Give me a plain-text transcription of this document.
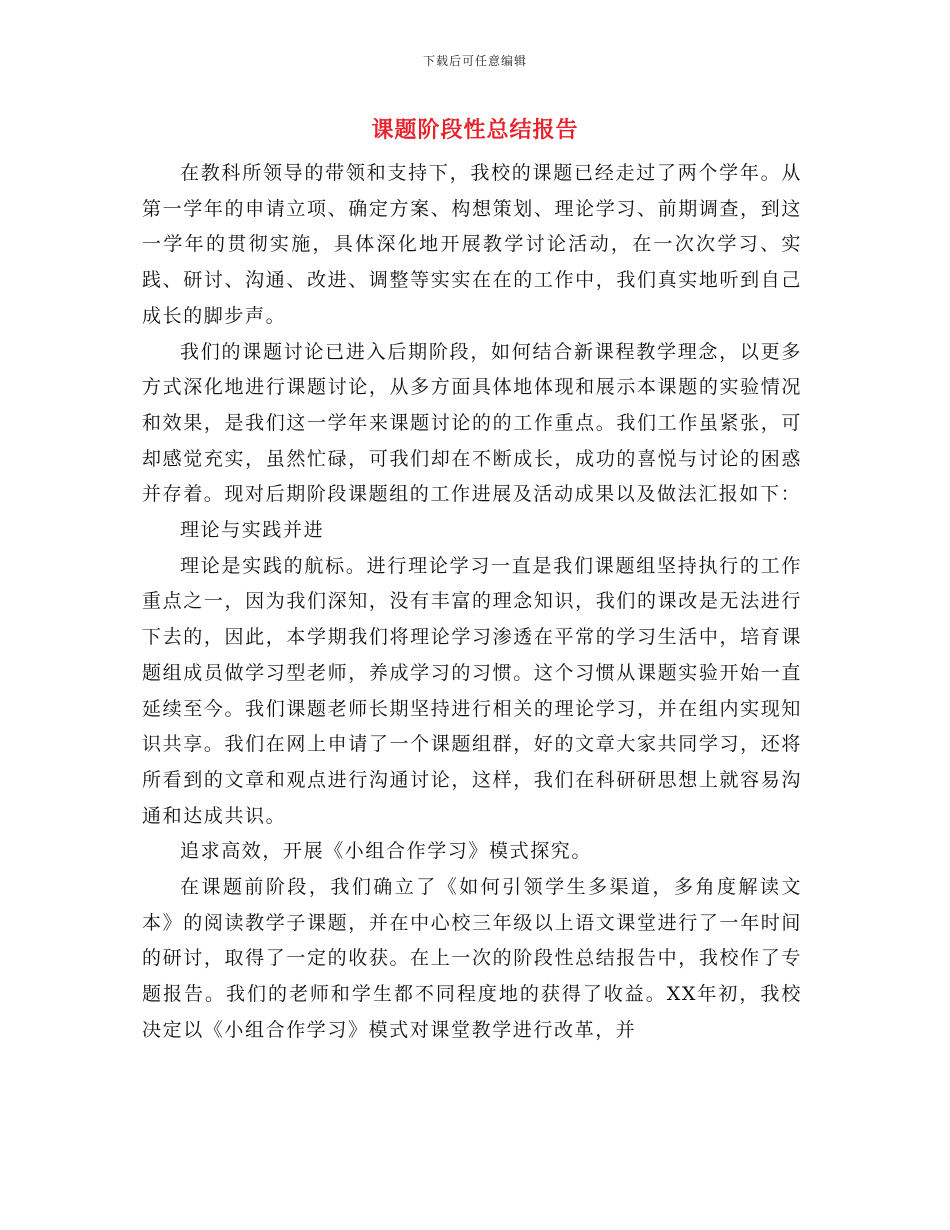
下载后可任意编辑
课题阶段性总结报告

在教科所领导的带领和支持下，我校的课题已经走过了两个学年。从第一学年的申请立项、确定方案、构想策划、理论学习、前期调查，到这一学年的贯彻实施，具体深化地开展教学讨论活动，在一次次学习、实践、研讨、沟通、改进、调整等实实在在的工作中，我们真实地听到自己成长的脚步声。

我们的课题讨论已进入后期阶段，如何结合新课程教学理念，以更多方式深化地进行课题讨论，从多方面具体地体现和展示本课题的实验情况和效果，是我们这一学年来课题讨论的的工作重点。我们工作虽紧张，可却感觉充实，虽然忙碌，可我们却在不断成长，成功的喜悦与讨论的困惑并存着。现对后期阶段课题组的工作进展及活动成果以及做法汇报如下：

理论与实践并进

理论是实践的航标。进行理论学习一直是我们课题组坚持执行的工作重点之一，因为我们深知，没有丰富的理念知识，我们的课改是无法进行下去的，因此，本学期我们将理论学习渗透在平常的学习生活中，培育课题组成员做学习型老师，养成学习的习惯。这个习惯从课题实验开始一直延续至今。我们课题老师长期坚持进行相关的理论学习，并在组内实现知识共享。我们在网上申请了一个课题组群，好的文章大家共同学习，还将所看到的文章和观点进行沟通讨论，这样，我们在科研研思想上就容易沟通和达成共识。

追求高效，开展《小组合作学习》模式探究。

在课题前阶段，我们确立了《如何引领学生多渠道，多角度解读文本》的阅读教学子课题，并在中心校三年级以上语文课堂进行了一年时间的研讨，取得了一定的收获。在上一次的阶段性总结报告中，我校作了专题报告。我们的老师和学生都不同程度地的获得了收益。XX年初，我校决定以《小组合作学习》模式对课堂教学进行改革，并
